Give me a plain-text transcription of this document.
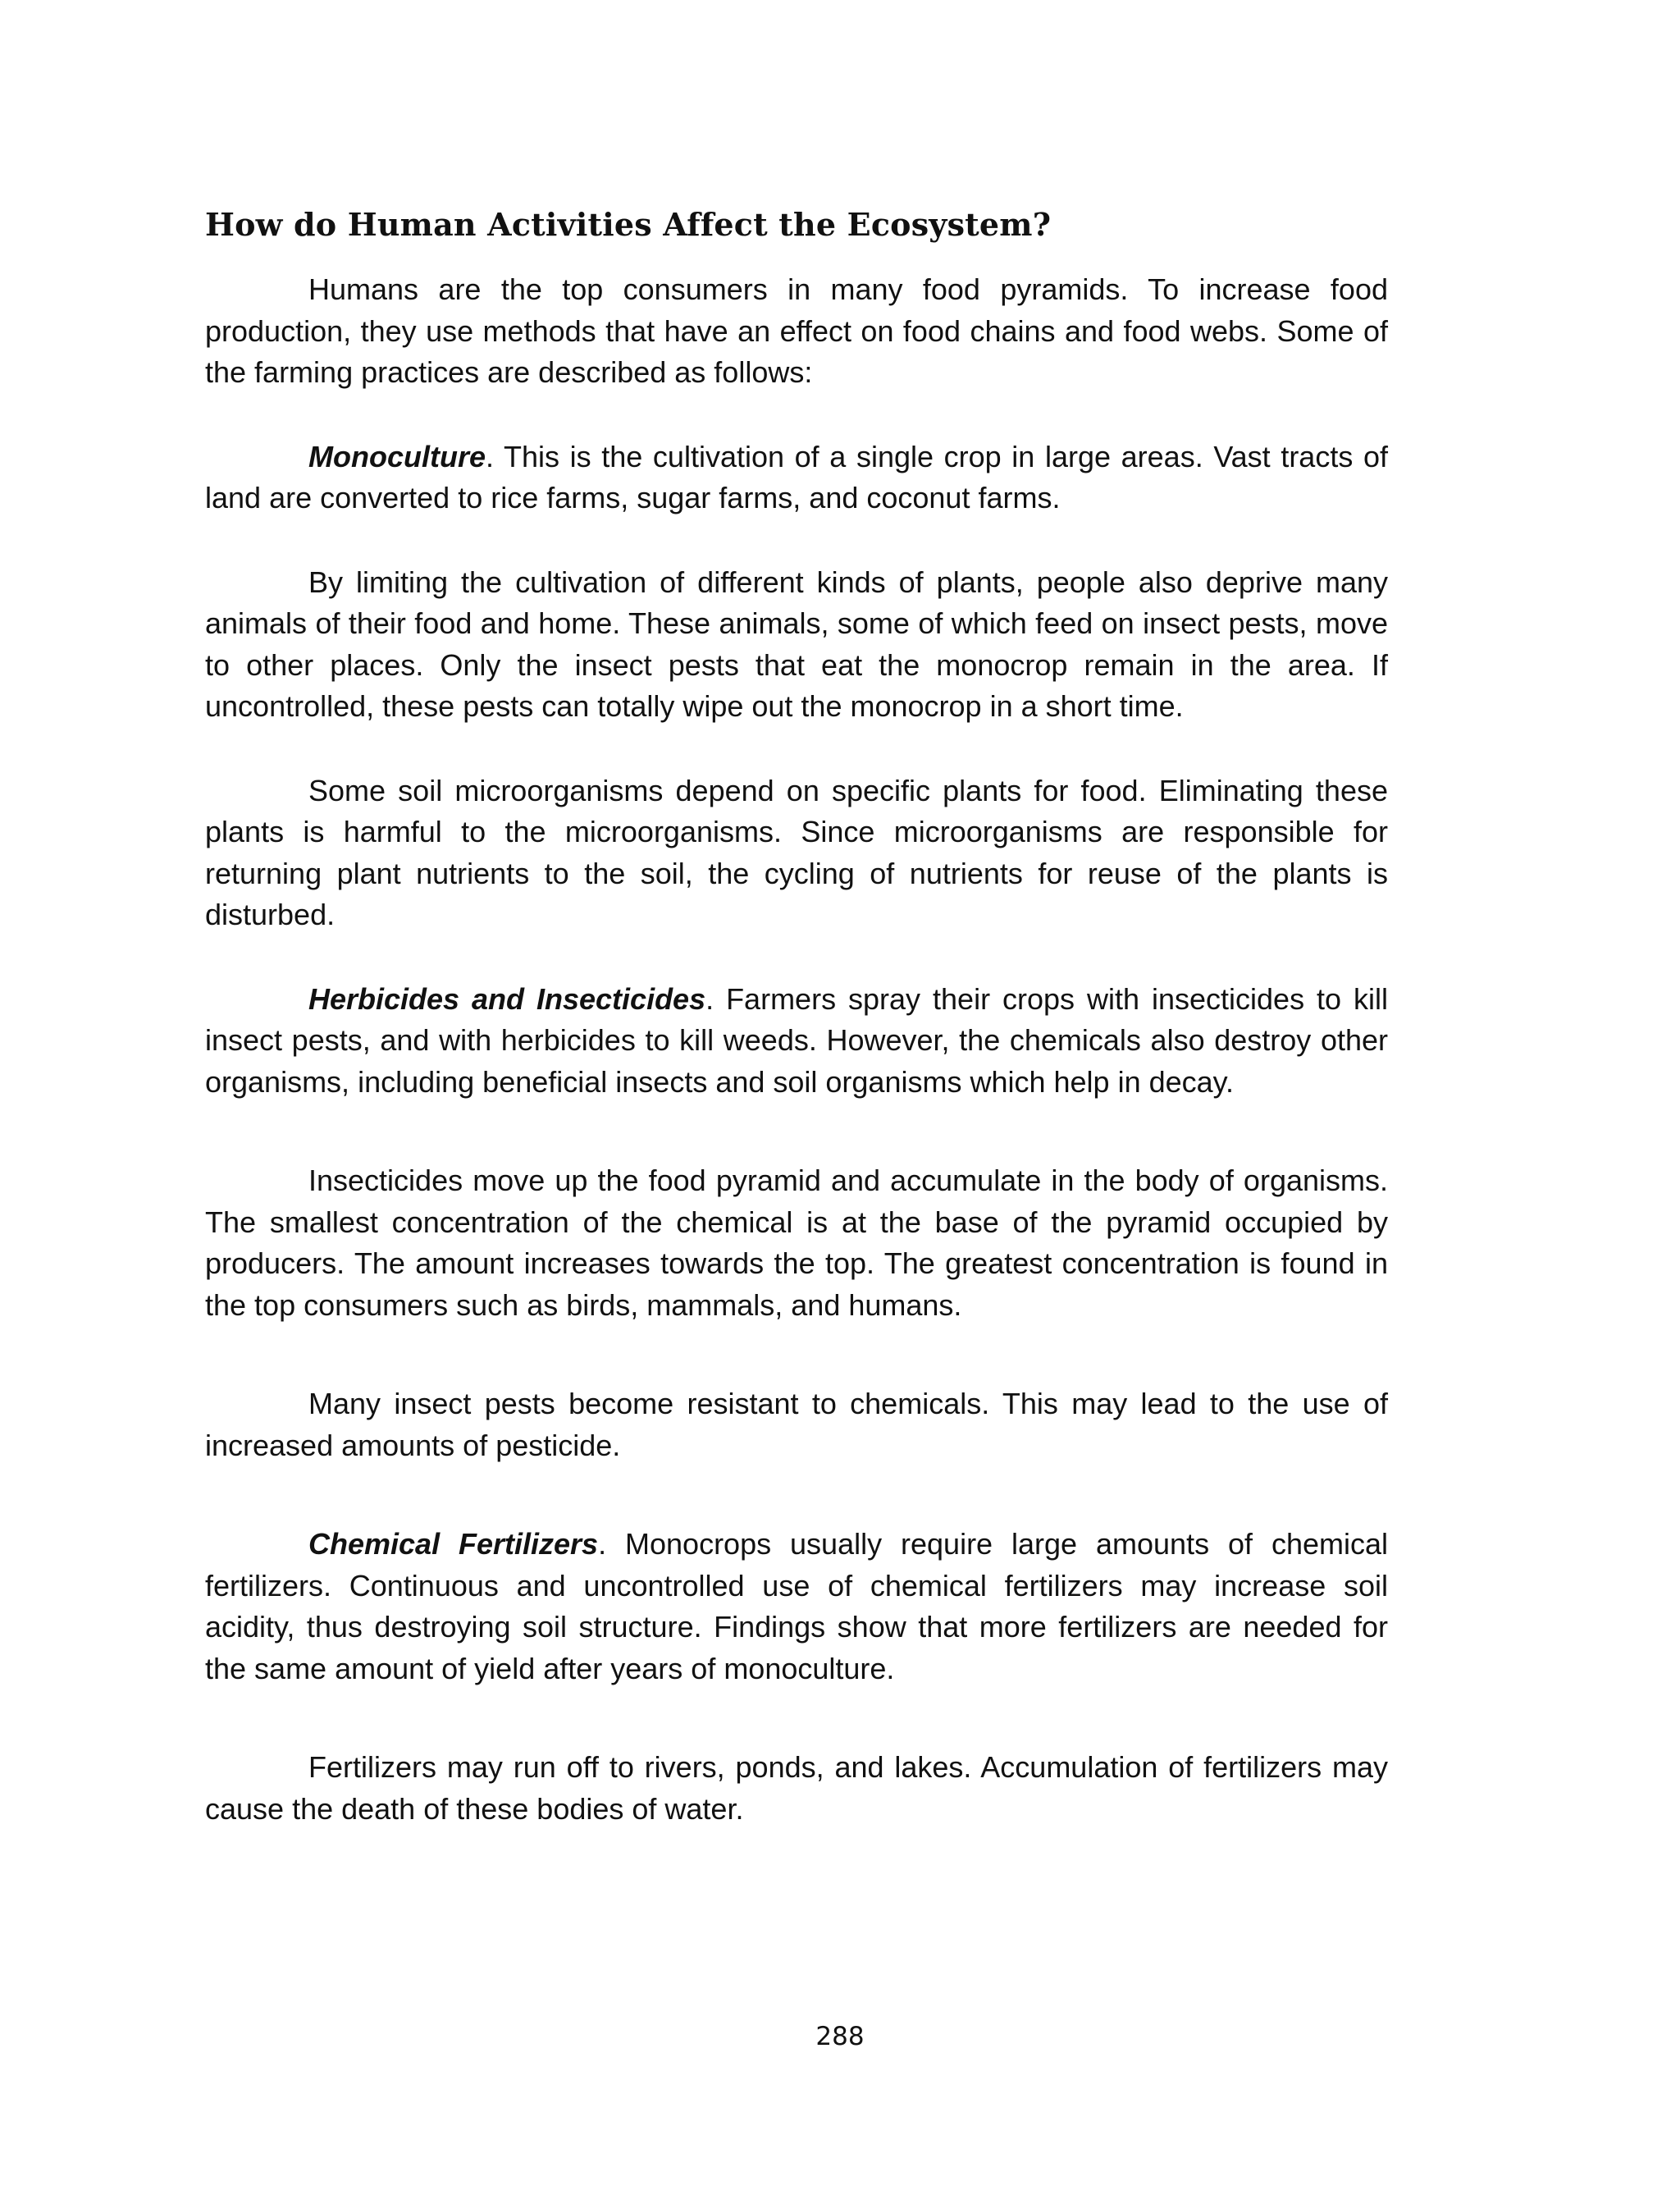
How do Human Activities Affect the Ecosystem?

Humans are the top consumers in many food pyramids. To increase food production, they use methods that have an effect on food chains and food webs. Some of the farming practices are described as follows:

Monoculture. This is the cultivation of a single crop in large areas. Vast tracts of land are converted to rice farms, sugar farms, and coconut farms.

By limiting the cultivation of different kinds of plants, people also deprive many animals of their food and home. These animals, some of which feed on insect pests, move to other places. Only the insect pests that eat the monocrop remain in the area. If uncontrolled, these pests can totally wipe out the monocrop in a short time.

Some soil microorganisms depend on specific plants for food. Eliminating these plants is harmful to the microorganisms. Since microorganisms are responsible for returning plant nutrients to the soil, the cycling of nutrients for reuse of the plants is disturbed.

Herbicides and Insecticides. Farmers spray their crops with insecticides to kill insect pests, and with herbicides to kill weeds. However, the chemicals also destroy other organisms, including beneficial insects and soil organisms which help in decay.

Insecticides move up the food pyramid and accumulate in the body of organisms. The smallest concentration of the chemical is at the base of the pyramid occupied by producers. The amount increases towards the top. The greatest concentration is found in the top consumers such as birds, mammals, and humans.

Many insect pests become resistant to chemicals. This may lead to the use of increased amounts of pesticide.

Chemical Fertilizers. Monocrops usually require large amounts of chemical fertilizers. Continuous and uncontrolled use of chemical fertilizers may increase soil acidity, thus destroying soil structure. Findings show that more fertilizers are needed for the same amount of yield after years of monoculture.

Fertilizers may run off to rivers, ponds, and lakes. Accumulation of fertilizers may cause the death of these bodies of water.

288
